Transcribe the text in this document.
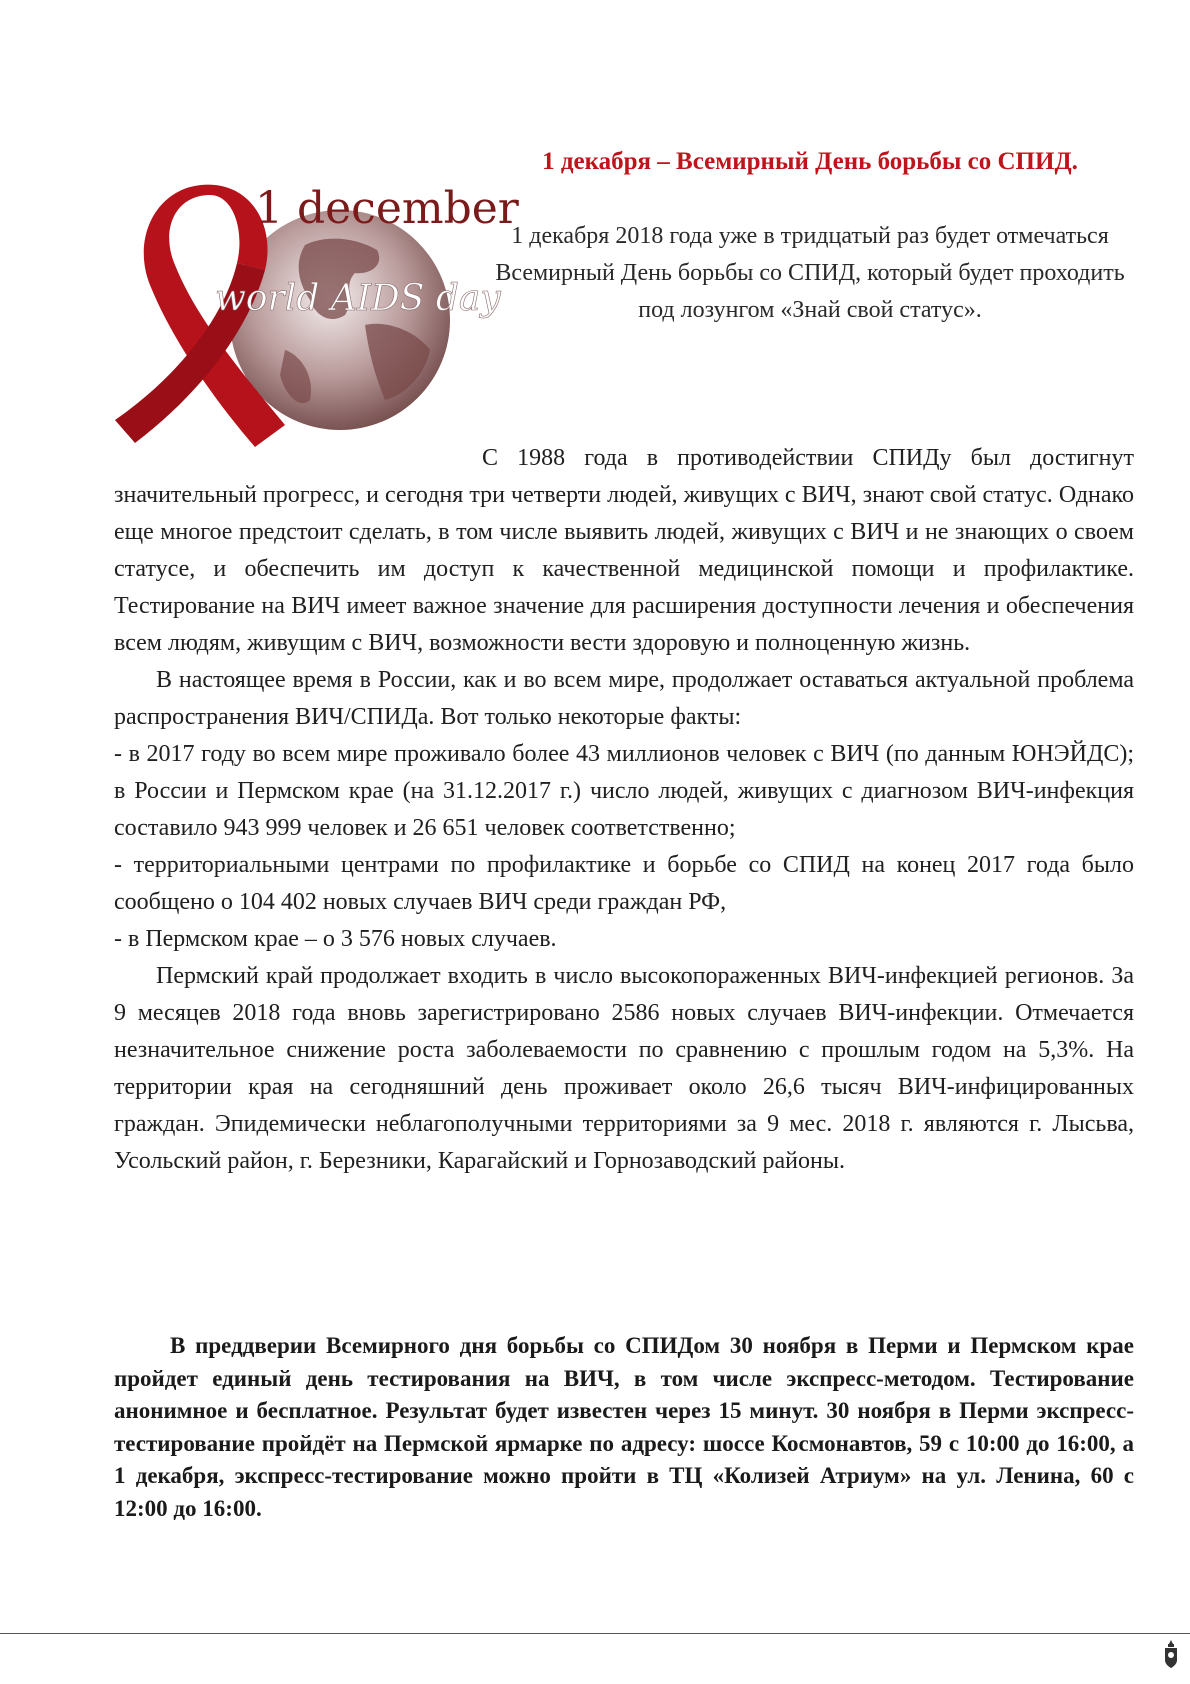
1 december
world AIDS day
1 декабря – Всемирный День борьбы со СПИД.
1 декабря 2018 года уже в тридцатый раз будет отмечаться Всемирный День борьбы со СПИД, который будет проходить под лозунгом «Знай свой статус».

С 1988 года в противодействии СПИДу был достигнут значительный прогресс, и сегодня три четверти людей, живущих с ВИЧ, знают свой статус. Однако еще многое предстоит сделать, в том числе выявить людей, живущих с ВИЧ и не знающих о своем статусе, и обеспечить им доступ к качественной медицинской помощи и профилактике. Тестирование на ВИЧ имеет важное значение для расширения доступности лечения и обеспечения всем людям, живущим с ВИЧ, возможности вести здоровую и полноценную жизнь.

В настоящее время в России, как и во всем мире, продолжает оставаться актуальной проблема распространения ВИЧ/СПИДа. Вот только некоторые факты:

- в 2017 году во всем мире проживало более 43 миллионов человек с ВИЧ (по данным ЮНЭЙДС); в России и Пермском крае (на 31.12.2017 г.) число людей, живущих с диагнозом ВИЧ-инфекция составило 943 999 человек и 26 651 человек соответственно;

- территориальными центрами по профилактике и борьбе со СПИД на конец 2017 года было сообщено о 104 402 новых случаев ВИЧ среди граждан РФ,

- в Пермском крае – о 3 576 новых случаев.

Пермский край продолжает входить в число высокопораженных ВИЧ-инфекцией регионов. За 9 месяцев 2018 года вновь зарегистрировано 2586 новых случаев ВИЧ-инфекции. Отмечается незначительное снижение роста заболеваемости по сравнению с прошлым годом на 5,3%. На территории края на сегодняшний день проживает около 26,6 тысяч ВИЧ-инфицированных граждан. Эпидемически неблагополучными территориями за 9 мес. 2018 г. являются г. Лысьва, Усольский район, г. Березники, Карагайский и Горнозаводский районы.

В преддверии Всемирного дня борьбы со СПИДом 30 ноября в Перми и Пермском крае пройдет единый день тестирования на ВИЧ, в том числе экспресс-методом. Тестирование анонимное и бесплатное. Результат будет известен через 15 минут. 30 ноября в Перми экспресс-тестирование пройдёт на Пермской ярмарке по адресу: шоссе Космонавтов, 59 с 10:00 до 16:00, а 1 декабря, экспресс-тестирование можно пройти в ТЦ «Колизей Атриум» на ул. Ленина, 60 с 12:00 до 16:00.
